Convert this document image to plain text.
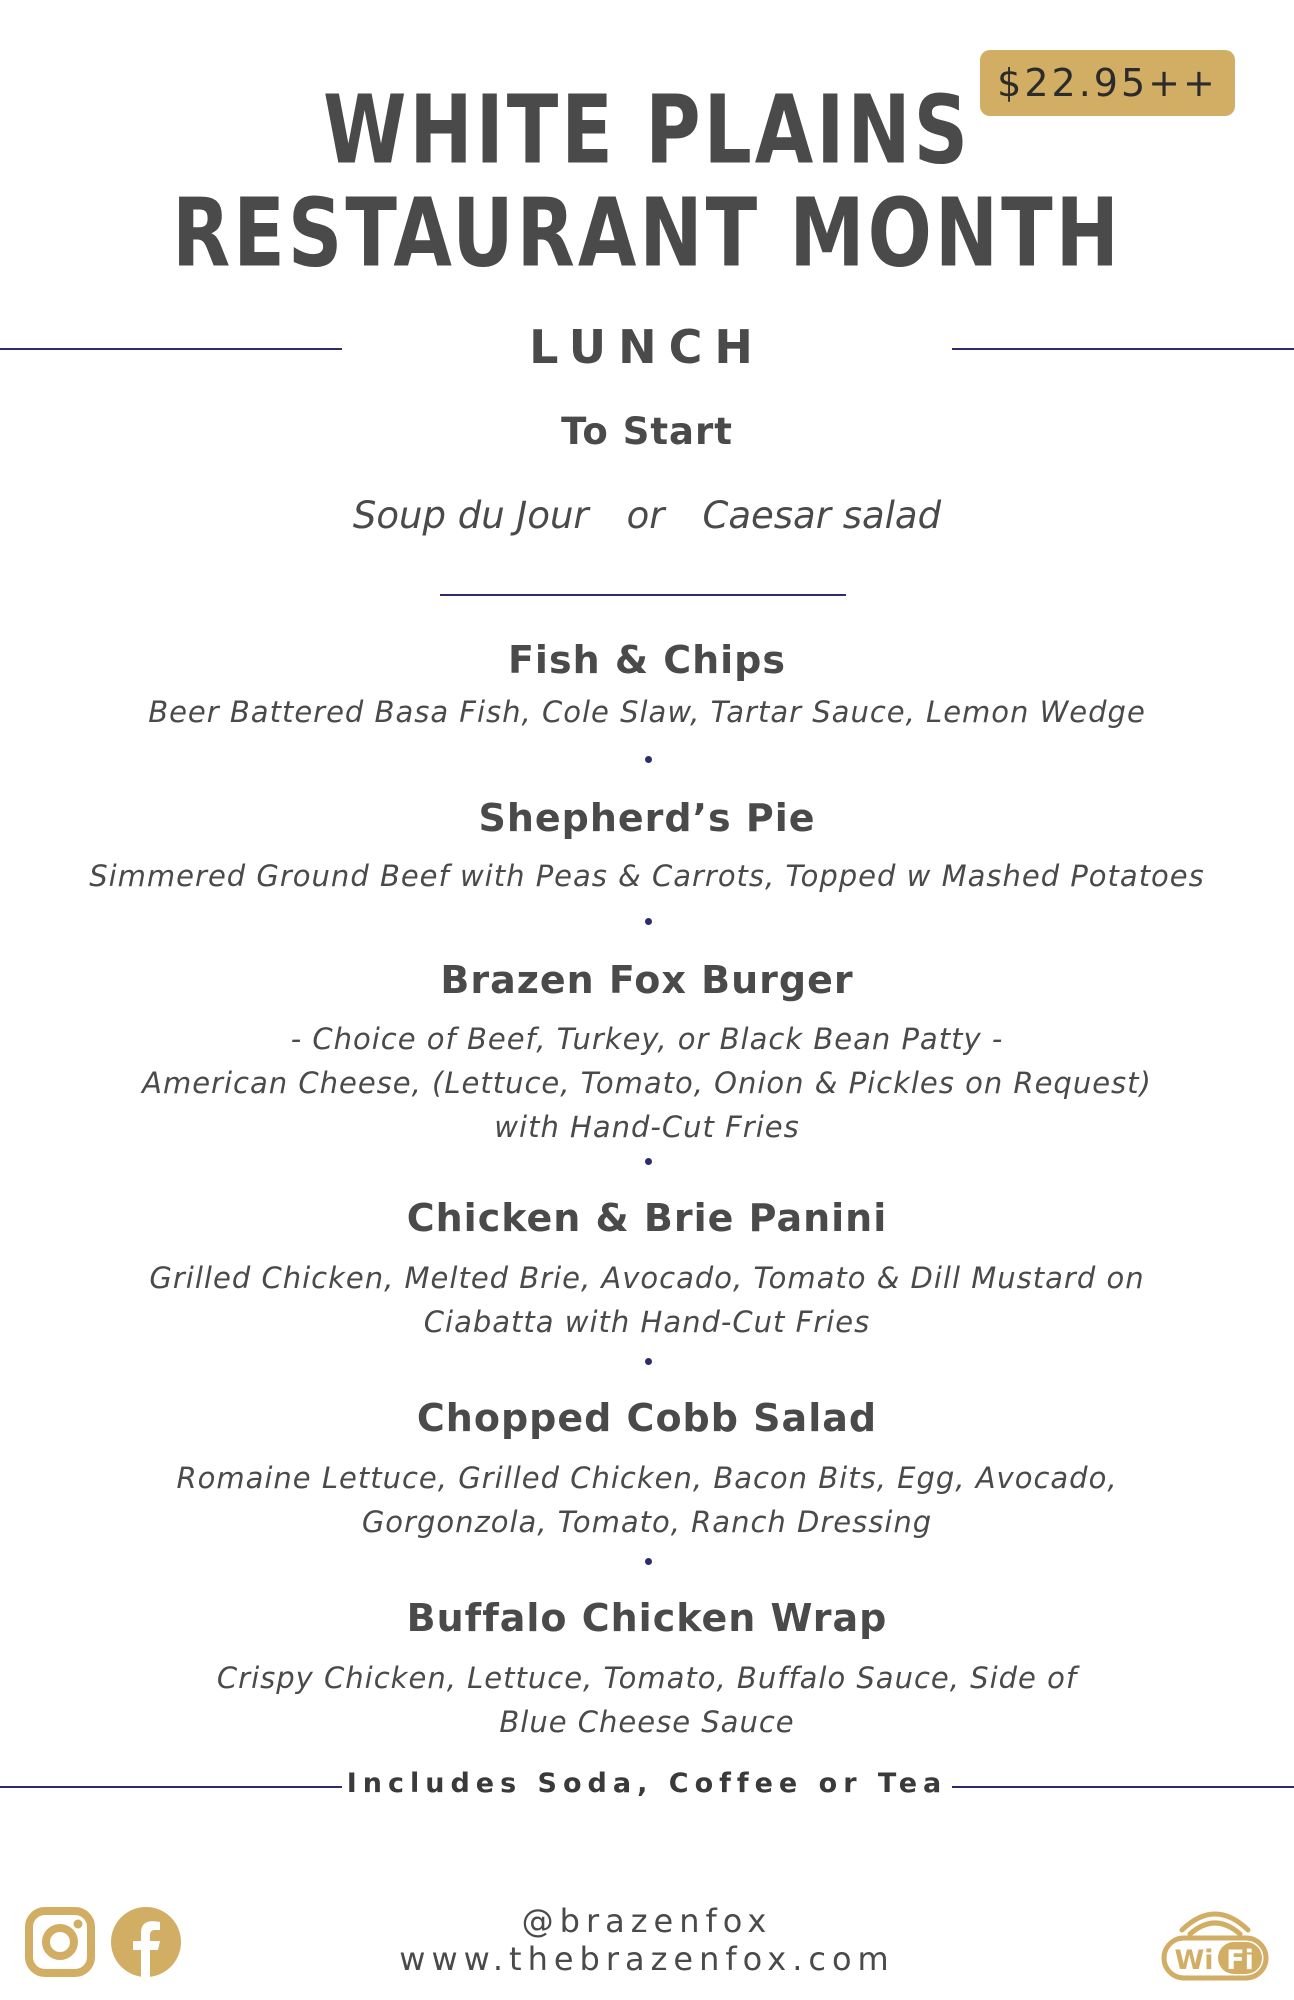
$22.95++
WHITE PLAINS
RESTAURANT MONTH
LUNCH
To Start
Soup du Jour or Caesar salad
Fish & Chips
Beer Battered Basa Fish, Cole Slaw, Tartar Sauce, Lemon Wedge
Shepherd’s Pie
Simmered Ground Beef with Peas & Carrots, Topped w Mashed Potatoes
Brazen Fox Burger
- Choice of Beef, Turkey, or Black Bean Patty -
American Cheese, (Lettuce, Tomato, Onion & Pickles on Request)
with Hand-Cut Fries
Chicken & Brie Panini
Grilled Chicken, Melted Brie, Avocado, Tomato & Dill Mustard on
Ciabatta with Hand-Cut Fries
Chopped Cobb Salad
Romaine Lettuce, Grilled Chicken, Bacon Bits, Egg, Avocado,
Gorgonzola, Tomato, Ranch Dressing
Buffalo Chicken Wrap
Crispy Chicken, Lettuce, Tomato, Buffalo Sauce, Side of
Blue Cheese Sauce
Includes Soda, Coffee or Tea
@brazenfox
www.thebrazenfox.com	Wi Fi
